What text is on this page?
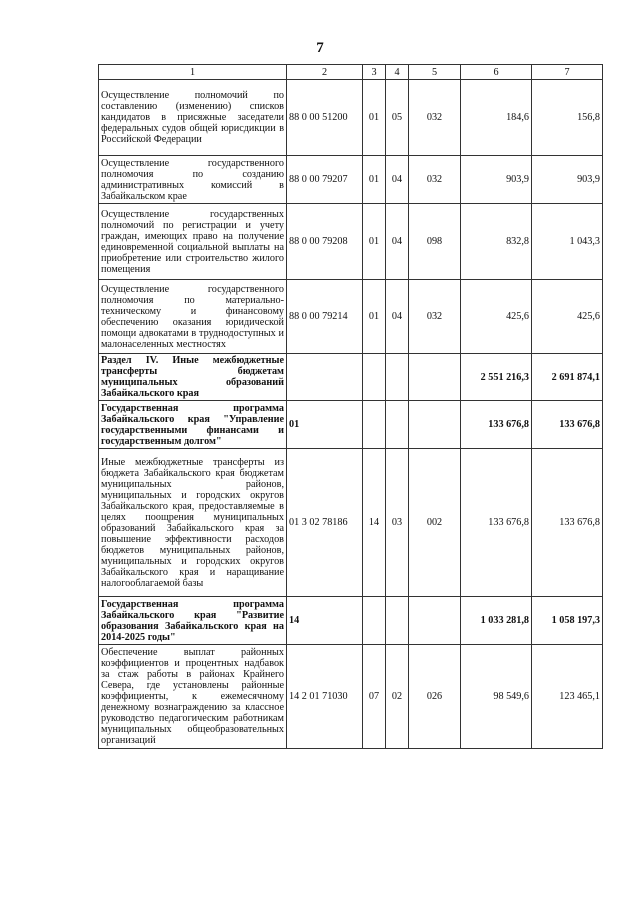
7
1	2	3	4	5	6	7
Осуществление полномочий по составлению (изменению) списков кандидатов в присяжные заседатели федеральных судов общей юрисдикции в Российской Федерации	88 0 00 51200	01	05	032	184,6	156,8
Осуществление государственного полномочия по созданию административных комиссий в Забайкальском крае	88 0 00 79207	01	04	032	903,9	903,9
Осуществление государственных полномочий по регистрации и учету граждан, имеющих право на получение единовременной социальной выплаты на приобретение или строительство жилого помещения	88 0 00 79208	01	04	098	832,8	1 043,3
Осуществление государственного полномочия по материально-техническому и финансовому обеспечению оказания юридической помощи адвокатами в труднодоступных и малонаселенных местностях	88 0 00 79214	01	04	032	425,6	425,6
Раздел IV. Иные межбюджетные трансферты бюджетам муниципальных образований Забайкальского края					2 551 216,3	2 691 874,1
Государственная программа Забайкальского края "Управление государственными финансами и государственным долгом"	01				133 676,8	133 676,8
Иные межбюджетные трансферты из бюджета Забайкальского края бюджетам муниципальных районов, муниципальных и городских округов Забайкальского края, предоставляемые в целях поощрения муниципальных образований Забайкальского края за повышение эффективности расходов бюджетов муниципальных районов, муниципальных и городских округов Забайкальского края и наращивание налогооблагаемой базы	01 3 02 78186	14	03	002	133 676,8	133 676,8
Государственная программа Забайкальского края "Развитие образования Забайкальского края на 2014-2025 годы"	14				1 033 281,8	1 058 197,3
Обеспечение выплат районных коэффициентов и процентных надбавок за стаж работы в районах Крайнего Севера, где установлены районные коэффициенты, к ежемесячному денежному вознаграждению за классное руководство педагогическим работникам муниципальных общеобразовательных организаций	14 2 01 71030	07	02	026	98 549,6	123 465,1
